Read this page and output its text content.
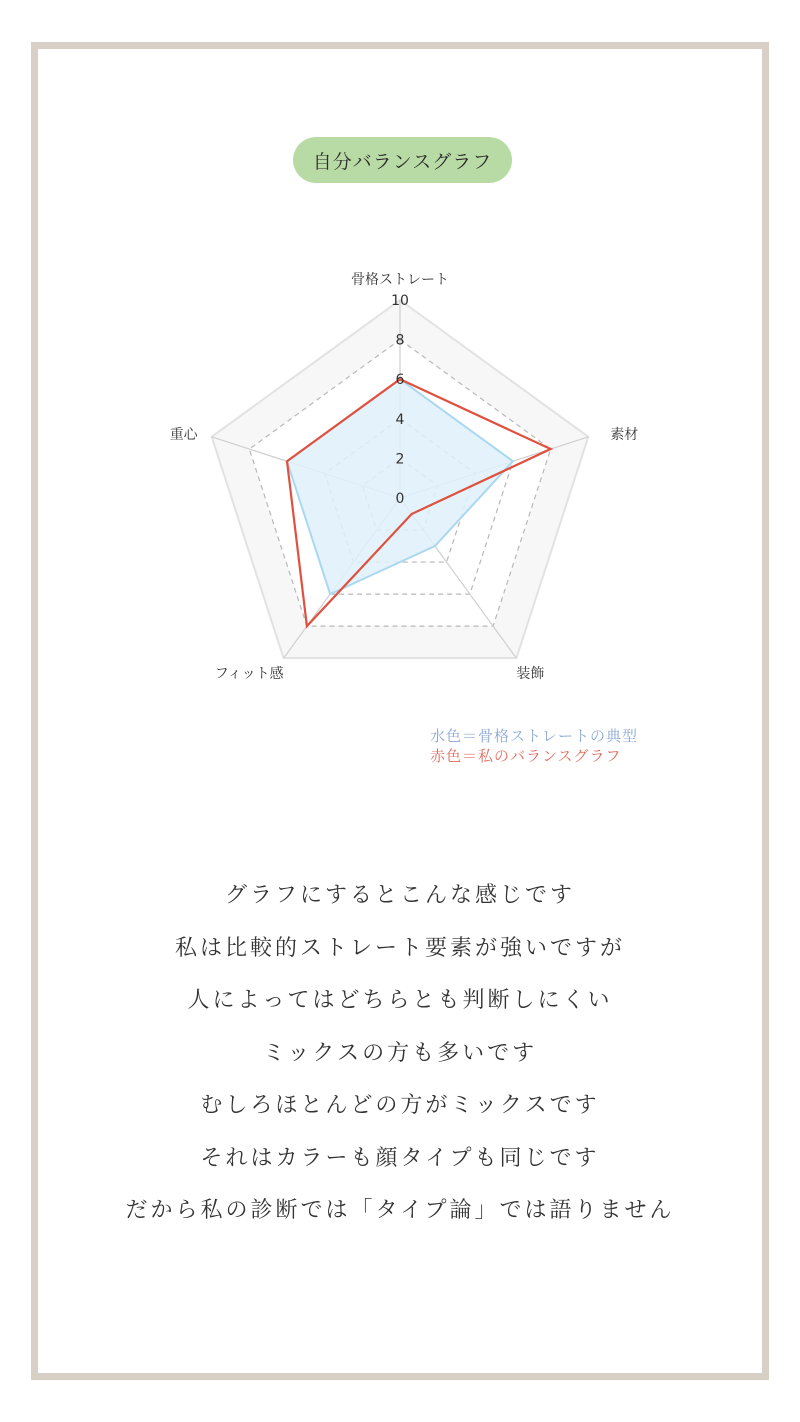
自分バランスグラフ
0
2
4
6
8
10
骨格ストレート
素材
装飾
フィット感
重心
水色＝骨格ストレートの典型
赤色＝私のバランスグラフ

グラフにするとこんな感じです

私は比較的ストレート要素が強いですが

人によってはどちらとも判断しにくい

ミックスの方も多いです

むしろほとんどの方がミックスです

それはカラーも顔タイプも同じです

だから私の診断では「タイプ論」では語りません
